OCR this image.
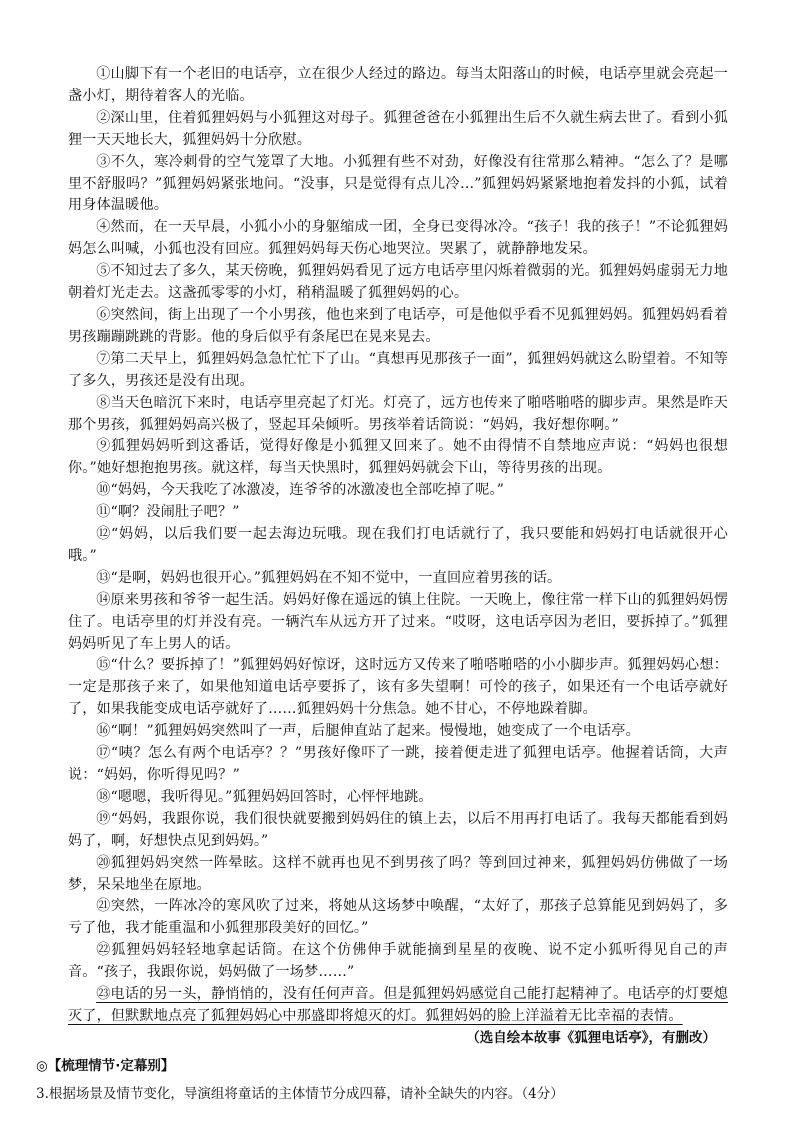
①山脚下有一个老旧的电话亭，立在很少人经过的路边。每当太阳落山的时候，电话亭里就会亮起一盏小灯，期待着客人的光临。

②深山里，住着狐狸妈妈与小狐狸这对母子。狐狸爸爸在小狐狸出生后不久就生病去世了。看到小狐狸一天天地长大，狐狸妈妈十分欣慰。

③不久，寒冷刺骨的空气笼罩了大地。小狐狸有些不对劲，好像没有往常那么精神。“怎么了？是哪里不舒服吗？”狐狸妈妈紧张地问。“没事，只是觉得有点儿冷…”狐狸妈妈紧紧地抱着发抖的小狐，试着用身体温暖他。

④然而，在一天早晨，小狐小小的身躯缩成一团，全身已变得冰冷。“孩子！我的孩子！”不论狐狸妈妈怎么叫喊，小狐也没有回应。狐狸妈妈每天伤心地哭泣。哭累了，就静静地发呆。

⑤不知过去了多久，某天傍晚，狐狸妈妈看见了远方电话亭里闪烁着微弱的光。狐狸妈妈虚弱无力地朝着灯光走去。这盏孤零零的小灯，稍稍温暖了狐狸妈妈的心。

⑥突然间，街上出现了一个小男孩，他也来到了电话亭，可是他似乎看不见狐狸妈妈。狐狸妈妈看着男孩蹦蹦跳跳的背影。他的身后似乎有条尾巴在晃来晃去。

⑦第二天早上，狐狸妈妈急急忙忙下了山。“真想再见那孩子一面”，狐狸妈妈就这么盼望着。不知等了多久，男孩还是没有出现。

⑧当天色暗沉下来时，电话亭里亮起了灯光。灯亮了，远方也传来了啪嗒啪嗒的脚步声。果然是昨天那个男孩，狐狸妈妈高兴极了，竖起耳朵倾听。男孩举着话筒说：“妈妈，我好想你啊。”

⑨狐狸妈妈听到这番话，觉得好像是小狐狸又回来了。她不由得情不自禁地应声说：“妈妈也很想你。”她好想抱抱男孩。就这样，每当天快黑时，狐狸妈妈就会下山，等待男孩的出现。

⑩“妈妈，今天我吃了冰激凌，连爷爷的冰激凌也全部吃掉了呢。”

⑪“啊？没闹肚子吧？”

⑫“妈妈，以后我们要一起去海边玩哦。现在我们打电话就行了，我只要能和妈妈打电话就很开心哦。”

⑬“是啊，妈妈也很开心。”狐狸妈妈在不知不觉中，一直回应着男孩的话。

⑭原来男孩和爷爷一起生活。妈妈好像在遥远的镇上住院。一天晚上，像往常一样下山的狐狸妈妈愣住了。电话亭里的灯并没有亮。一辆汽车从远方开了过来。“哎呀，这电话亭因为老旧，要拆掉了。”狐狸妈妈听见了车上男人的话。

⑮“什么？要拆掉了！”狐狸妈妈好惊讶，这时远方又传来了啪嗒啪嗒的小小脚步声。狐狸妈妈心想：一定是那孩子来了，如果他知道电话亭要拆了，该有多失望啊！可怜的孩子，如果还有一个电话亭就好了，如果我能变成电话亭就好了……狐狸妈妈十分焦急。她不甘心，不停地跺着脚。

⑯“啊！”狐狸妈妈突然叫了一声，后腿伸直站了起来。慢慢地，她变成了一个电话亭。

⑰“咦？怎么有两个电话亭？？”男孩好像吓了一跳，接着便走进了狐狸电话亭。他握着话筒，大声说：“妈妈，你听得见吗？”

⑱“嗯嗯，我听得见。”狐狸妈妈回答时，心怦怦地跳。

⑲“妈妈，我跟你说，我们很快就要搬到妈妈住的镇上去，以后不用再打电话了。我每天都能看到妈妈了，啊，好想快点见到妈妈。”

⑳狐狸妈妈突然一阵晕眩。这样不就再也见不到男孩了吗？等到回过神来，狐狸妈妈仿佛做了一场梦，呆呆地坐在原地。

㉑突然，一阵冰冷的寒风吹了过来，将她从这场梦中唤醒，“太好了，那孩子总算能见到妈妈了，多亏了他，我才能重温和小狐狸那段美好的回忆。”

㉒狐狸妈妈轻轻地拿起话筒。在这个仿佛伸手就能摘到星星的夜晚、说不定小狐听得见自己的声音。“孩子，我跟你说，妈妈做了一场梦……”

㉓电话的另一头，静悄悄的，没有任何声音。但是狐狸妈妈感觉自己能打起精神了。电话亭的灯要熄灭了，但默默地点亮了狐狸妈妈心中那盛即将熄灭的灯。狐狸妈妈的脸上洋溢着无比幸福的表情。

（选自绘本故事《狐狸电话亭》，有删改）

◎【梳理情节·定幕别】

3.根据场景及情节变化，导演组将童话的主体情节分成四幕，请补全缺失的内容。（4分）
